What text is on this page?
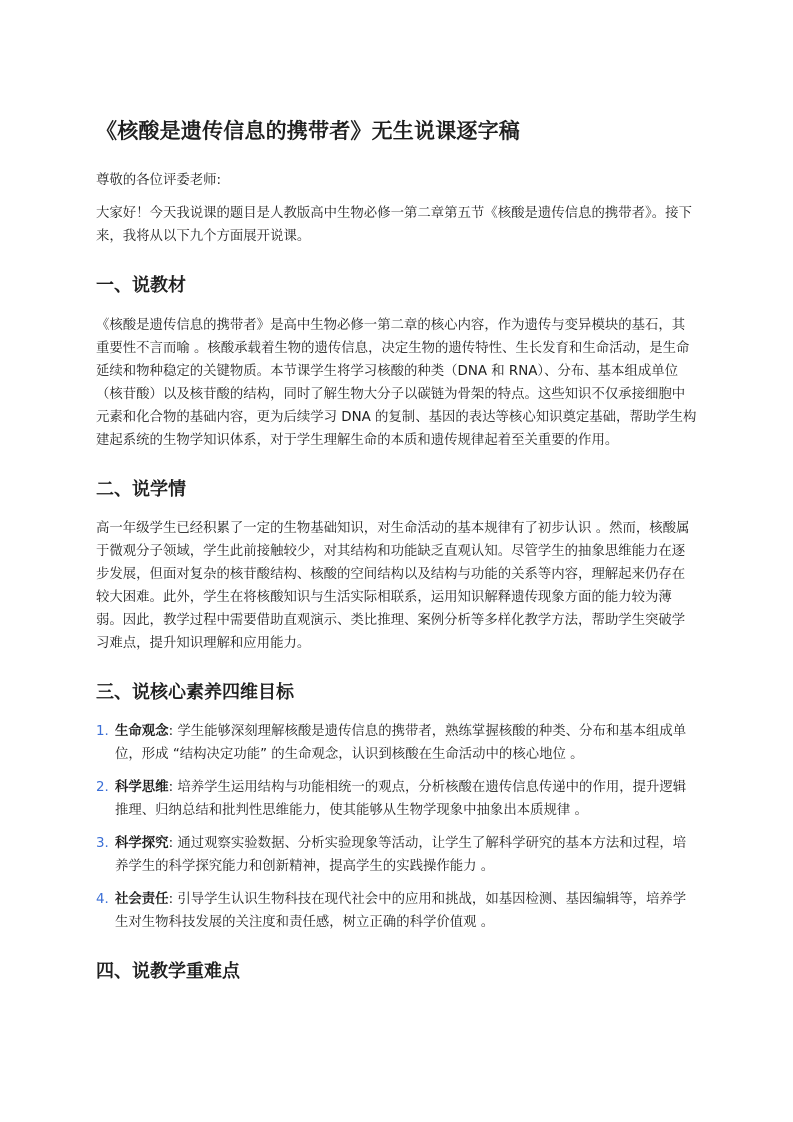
《核酸是遗传信息的携带者》无生说课逐字稿

尊敬的各位评委老师:

大家好！今天我说课的题目是人教版高中生物必修一第二章第五节《核酸是遗传信息的携带者》。接下来，我将从以下九个方面展开说课。

一、说教材

《核酸是遗传信息的携带者》是高中生物必修一第二章的核心内容，作为遗传与变异模块的基石，其重要性不言而喻 。核酸承载着生物的遗传信息，决定生物的遗传特性、生长发育和生命活动，是生命延续和物种稳定的关键物质。本节课学生将学习核酸的种类（DNA 和 RNA）、分布、基本组成单位（核苷酸）以及核苷酸的结构，同时了解生物大分子以碳链为骨架的特点。这些知识不仅承接细胞中元素和化合物的基础内容，更为后续学习 DNA 的复制、基因的表达等核心知识奠定基础，帮助学生构建起系统的生物学知识体系，对于学生理解生命的本质和遗传规律起着至关重要的作用。

二、说学情

高一年级学生已经积累了一定的生物基础知识，对生命活动的基本规律有了初步认识 。然而，核酸属于微观分子领域，学生此前接触较少，对其结构和功能缺乏直观认知。尽管学生的抽象思维能力在逐步发展，但面对复杂的核苷酸结构、核酸的空间结构以及结构与功能的关系等内容，理解起来仍存在较大困难。此外，学生在将核酸知识与生活实际相联系，运用知识解释遗传现象方面的能力较为薄弱。因此，教学过程中需要借助直观演示、类比推理、案例分析等多样化教学方法，帮助学生突破学习难点，提升知识理解和应用能力。

三、说核心素养四维目标
1. 生命观念: 学生能够深刻理解核酸是遗传信息的携带者，熟练掌握核酸的种类、分布和基本组成单位，形成 “结构决定功能” 的生命观念，认识到核酸在生命活动中的核心地位 。
2. 科学思维: 培养学生运用结构与功能相统一的观点，分析核酸在遗传信息传递中的作用，提升逻辑推理、归纳总结和批判性思维能力，使其能够从生物学现象中抽象出本质规律 。
3. 科学探究: 通过观察实验数据、分析实验现象等活动，让学生了解科学研究的基本方法和过程，培养学生的科学探究能力和创新精神，提高学生的实践操作能力 。
4. 社会责任: 引导学生认识生物科技在现代社会中的应用和挑战，如基因检测、基因编辑等，培养学生对生物科技发展的关注度和责任感，树立正确的科学价值观 。
四、说教学重难点
